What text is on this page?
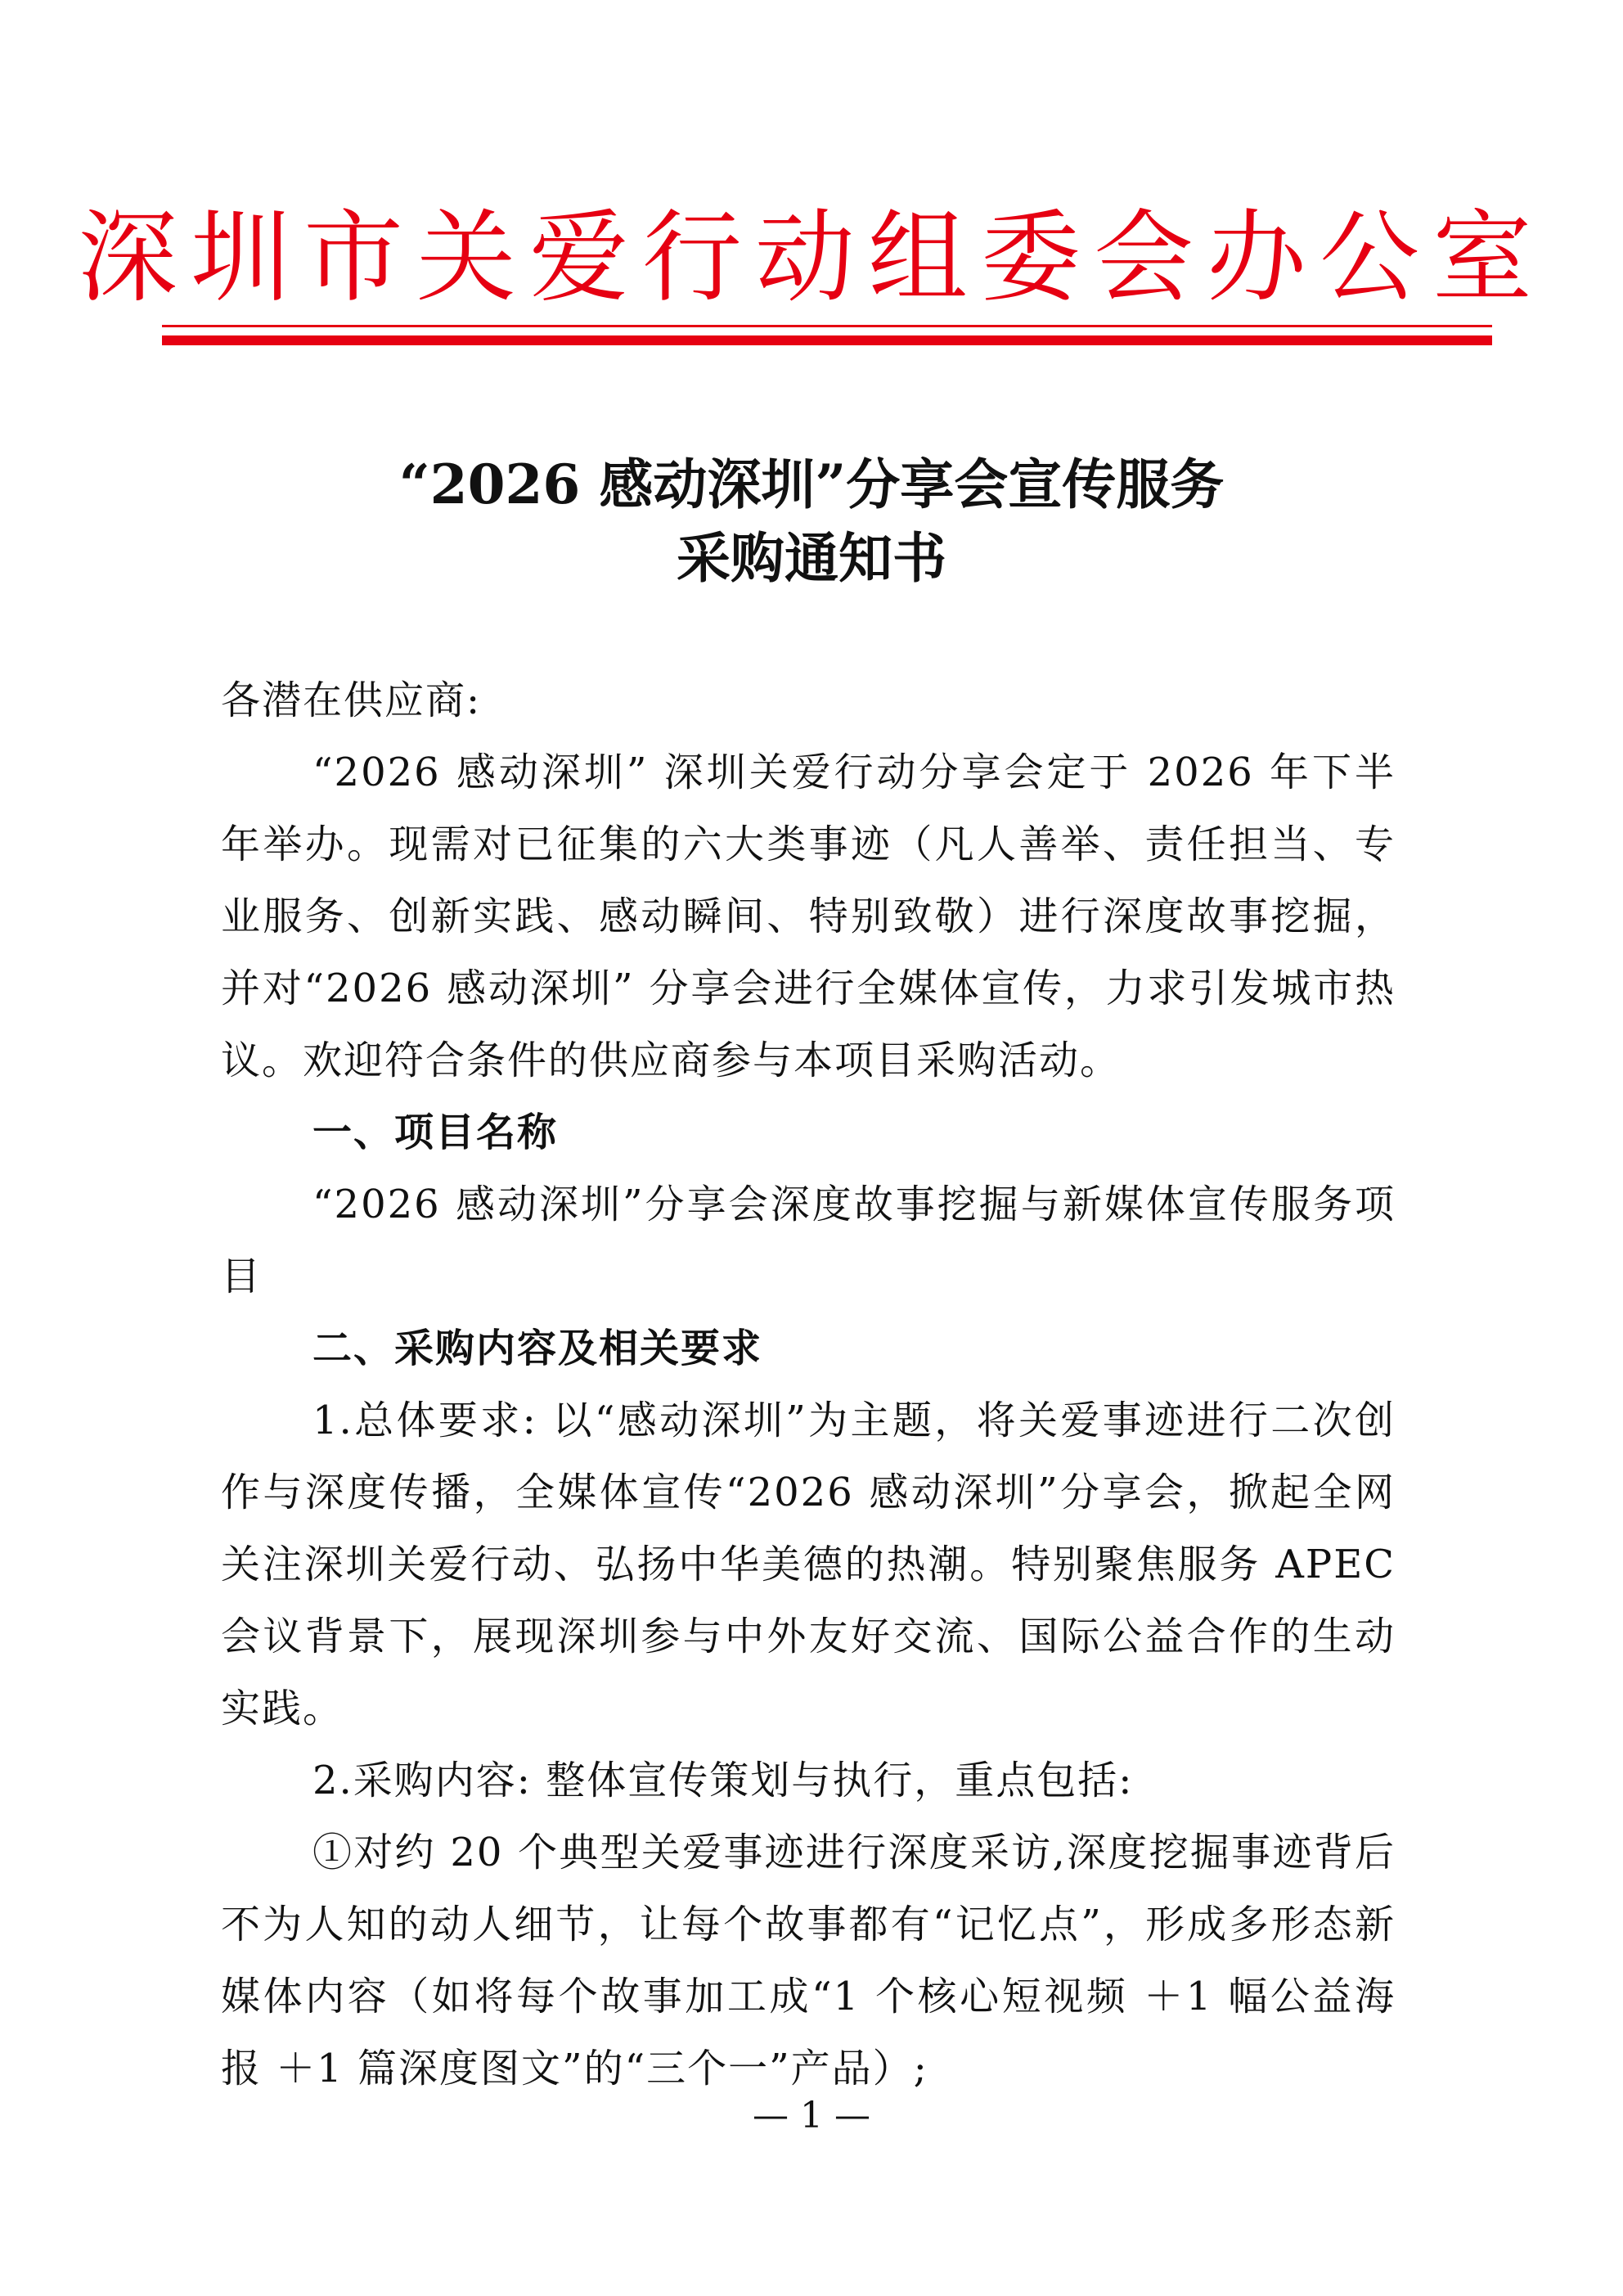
深圳市关爱行动组委会办公室
“2026 感动深圳”分享会宣传服务
采购通知书

各潜在供应商:

“2026 感动深圳” 深圳关爱行动分享会定于 2026 年下半年举办。现需对已征集的六大类事迹（凡人善举、责任担当、专业服务、创新实践、感动瞬间、特别致敬）进行深度故事挖掘，并对“2026 感动深圳” 分享会进行全媒体宣传，力求引发城市热议。欢迎符合条件的供应商参与本项目采购活动。

一、项目名称

“2026 感动深圳”分享会深度故事挖掘与新媒体宣传服务项目

二、采购内容及相关要求

1.总体要求: 以“感动深圳”为主题，将关爱事迹进行二次创作与深度传播，全媒体宣传“2026 感动深圳”分享会，掀起全网关注深圳关爱行动、弘扬中华美德的热潮。特别聚焦服务 APEC 会议背景下，展现深圳参与中外友好交流、国际公益合作的生动实践。

2.采购内容: 整体宣传策划与执行，重点包括:

①对约 20 个典型关爱事迹进行深度采访,深度挖掘事迹背后不为人知的动人细节，让每个故事都有“记忆点”，形成多形态新媒体内容（如将每个故事加工成“1 个核心短视频 ＋1 幅公益海报 ＋1 篇深度图文”的“三个一”产品）;

— 1 —
